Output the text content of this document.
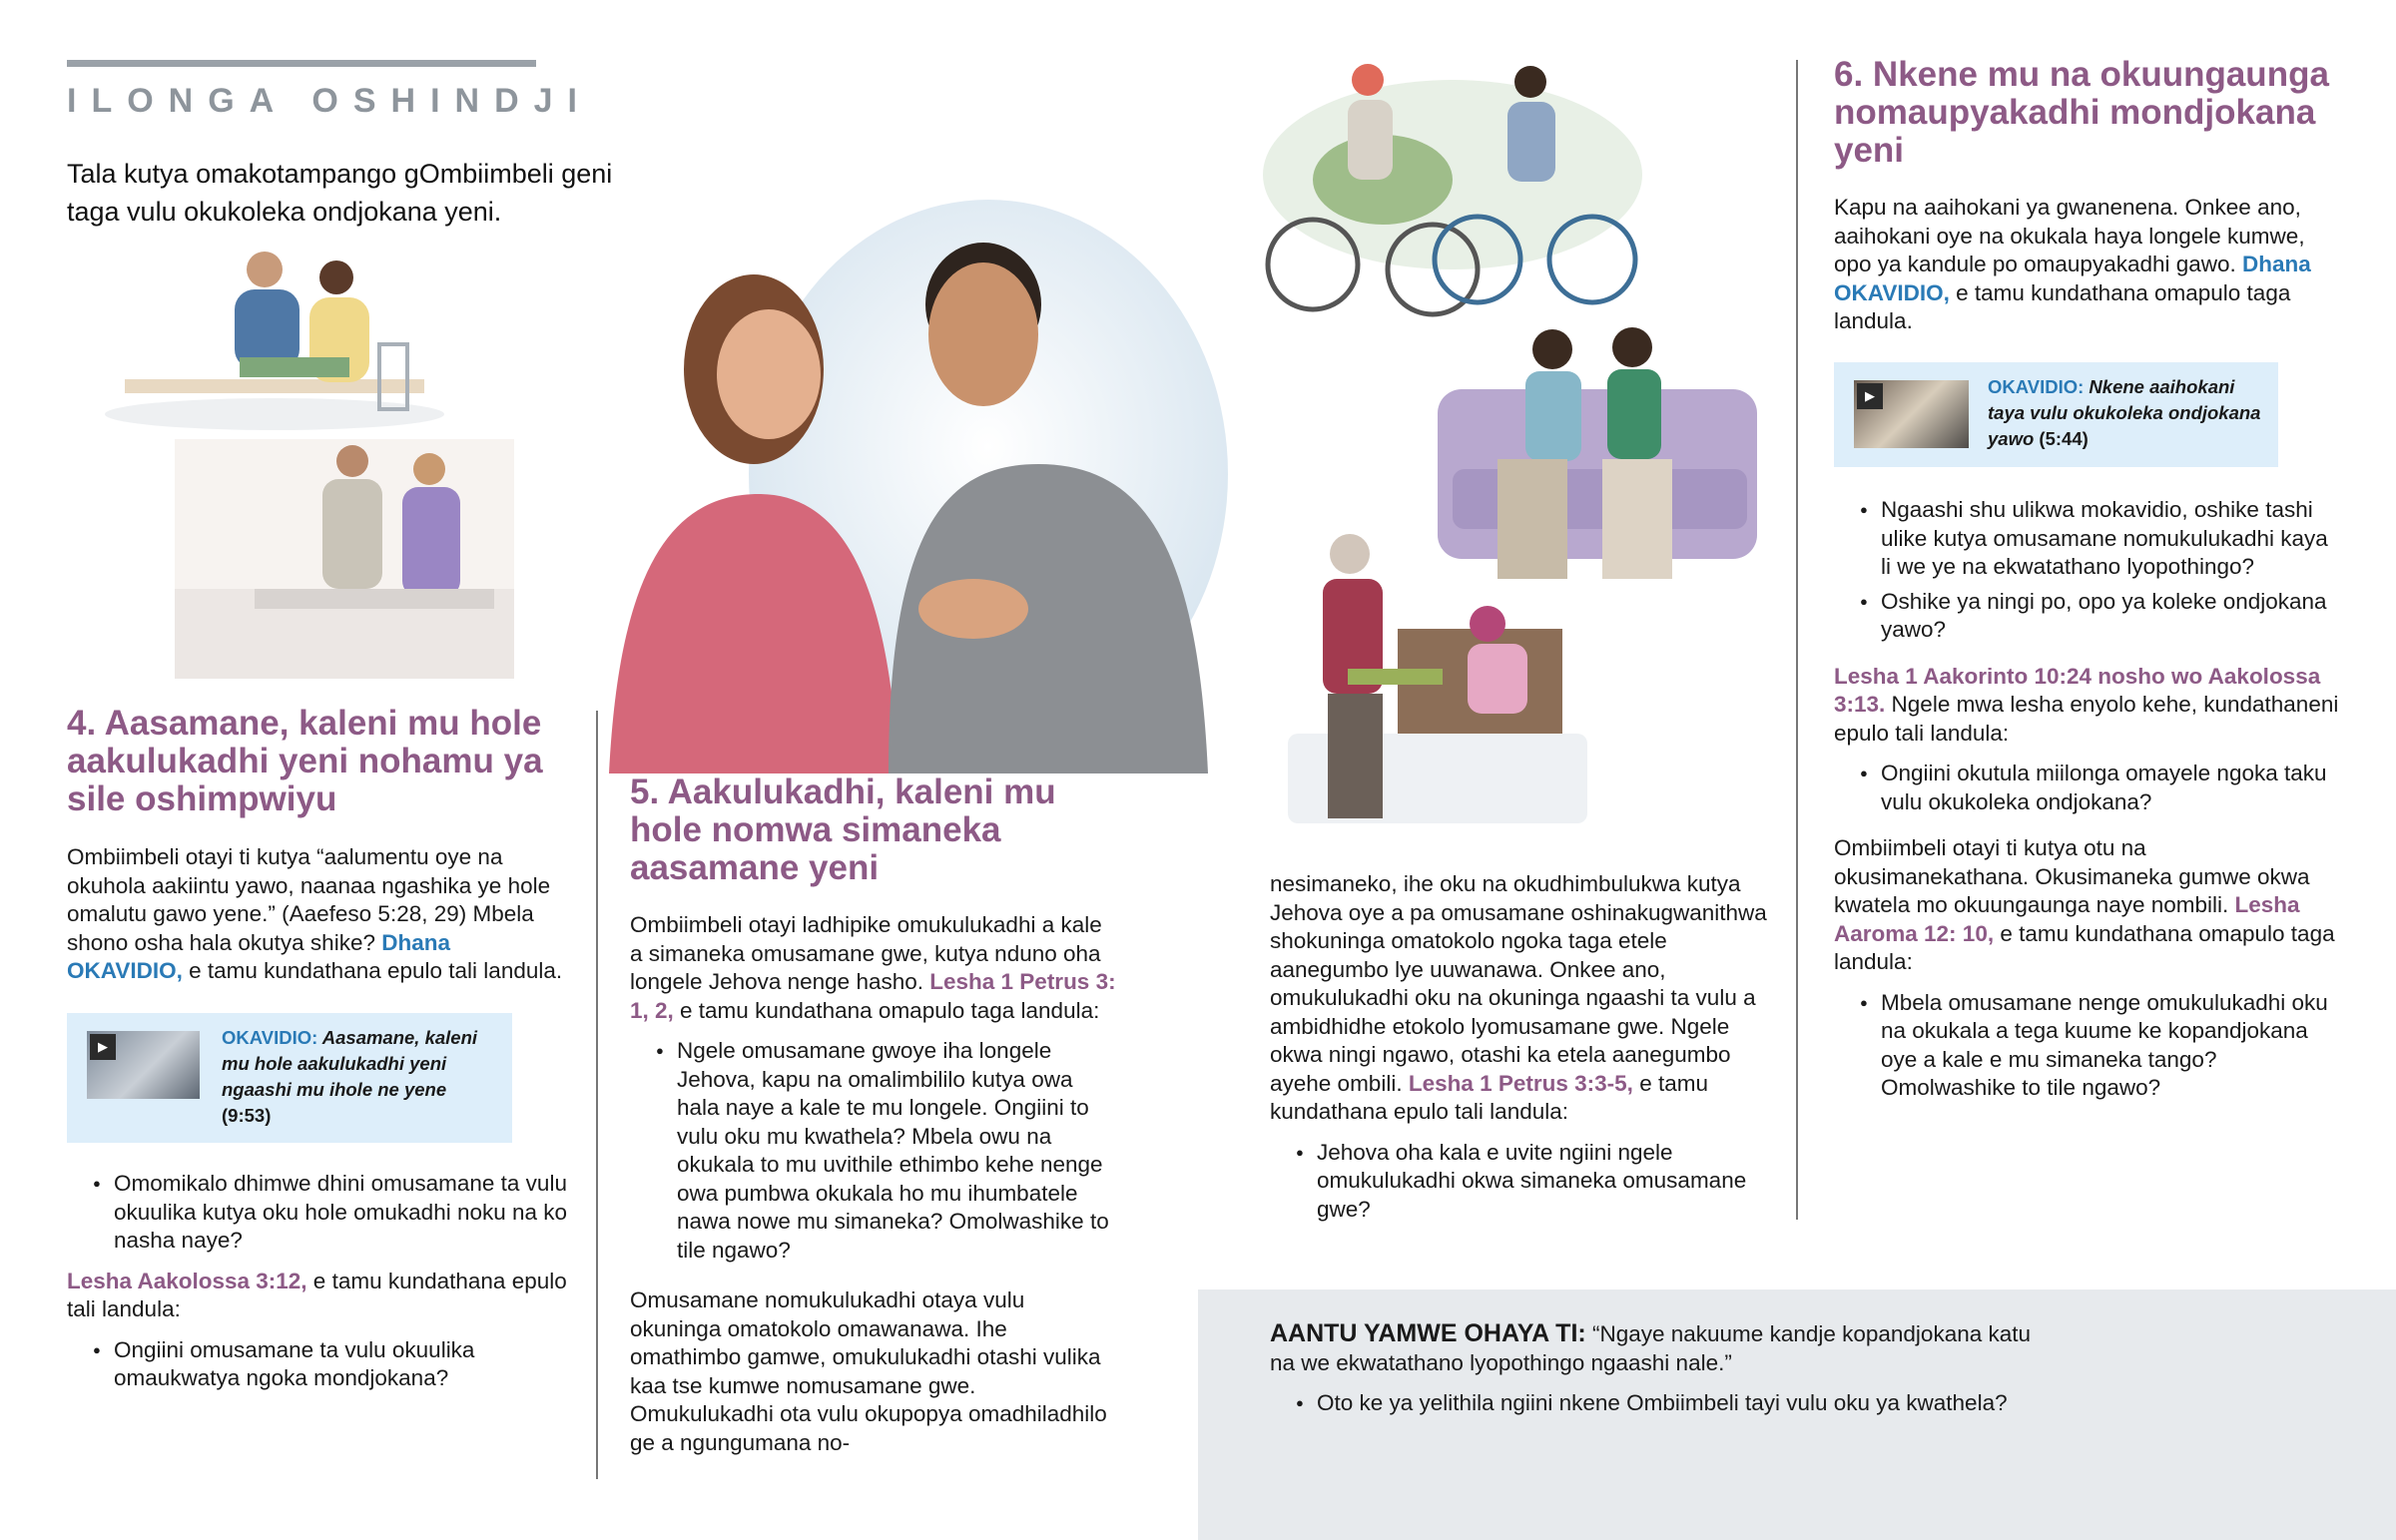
ILONGA OSHINDJI
Tala kutya omakotampango gOmbiimbeli geni taga vulu okukoleka ondjokana yeni.
4. Aasamane, kaleni mu hole aakulukadhi yeni nohamu ya sile oshimpwiyu

Ombiimbeli otayi ti kutya “aalumentu oye na okuhola aakiintu yawo, naanaa ngashika ye hole omalutu gawo yene.” (Aaefeso 5:28, 29) Mbela shono osha hala okutya shike? Dhana OKAVIDIO, e tamu kundathana epulo tali landula.

▶	OKAVIDIO: Aasamane, kaleni mu hole aakulukadhi yeni ngaashi mu ihole ne yene (9:53)
● Omomikalo dhimwe dhini omusamane ta vulu okuulika kutya oku hole omukadhi noku na ko nasha naye?

Lesha Aakolossa 3:12, e tamu kundathana epulo tali landula:

● Ongiini omusamane ta vulu okuulika omaukwatya ngoka mondjokana?
5. Aakulukadhi, kaleni mu hole nomwa simaneka aasamane yeni

Ombiimbeli otayi ladhipike omukulukadhi a kale a simaneka omusamane gwe, kutya nduno oha longele Jehova nenge hasho. Lesha 1 Petrus 3: 1, 2, e tamu kundathana omapulo taga landula:

● Ngele omusamane gwoye iha longele Jehova, kapu na omalimbililo kutya owa hala naye a kale te mu longele. Ongiini to vulu oku mu kwathela? Mbela owu na okukala to mu uvithile ethimbo kehe nenge owa pumbwa okukala ho mu ihumbatele nawa nowe mu simaneka? Omolwashike to tile ngawo?

Omusamane nomukulukadhi otaya vulu okuninga omatokolo omawanawa. Ihe omathimbo gamwe, omukulukadhi otashi vulika kaa tse kumwe nomusamane gwe. Omukulukadhi ota vulu okupopya omadhiladhilo ge a ngungumana no-

nesimaneko, ihe oku na okudhimbulukwa kutya Jehova oye a pa omusamane oshinakugwanithwa shokuninga omatokolo ngoka taga etele aanegumbo lye uuwanawa. Onkee ano, omukulukadhi oku na okuninga ngaashi ta vulu a ambidhidhe etokolo lyomusamane gwe. Ngele okwa ningi ngawo, otashi ka etela aanegumbo ayehe ombili. Lesha 1 Petrus 3:3-5, e tamu kundathana epulo tali landula:

● Jehova oha kala e uvite ngiini ngele omukulukadhi okwa simaneka omusamane gwe?
6. Nkene mu na okuungaunga nomaupyakadhi mondjokana yeni

Kapu na aaihokani ya gwanenena. Onkee ano, aaihokani oye na okukala haya longele kumwe, opo ya kandule po omaupyakadhi gawo. Dhana OKAVIDIO, e tamu kundathana omapulo taga landula.

▶	OKAVIDIO: Nkene aaihokani taya vulu okukoleka ondjokana yawo (5:44)
● Ngaashi shu ulikwa mokavidio, oshike tashi ulike kutya omusamane nomukulukadhi kaya li we ye na ekwatathano lyopothingo?
● Oshike ya ningi po, opo ya koleke ondjokana yawo?

Lesha 1 Aakorinto 10:24 nosho wo Aakolossa 3:13. Ngele mwa lesha enyolo kehe, kundathaneni epulo tali landula:

● Ongiini okutula miilonga omayele ngoka taku vulu okukoleka ondjokana?

Ombiimbeli otayi ti kutya otu na okusimanekathana. Okusimaneka gumwe okwa kwatela mo okuungaunga naye nombili. Lesha Aaroma 12: 10, e tamu kundathana omapulo taga landula:

● Mbela omusamane nenge omukulukadhi oku na okukala a tega kuume ke kopandjokana oye a kale e mu simaneka tango? Omolwashike to tile ngawo?

AANTU YAMWE OHAYA TI: “Ngaye nakuume kandje kopandjokana katu na we ekwatathano lyopothingo ngaashi nale.”

● Oto ke ya yelithila ngiini nkene Ombiimbeli tayi vulu oku ya kwathela?
